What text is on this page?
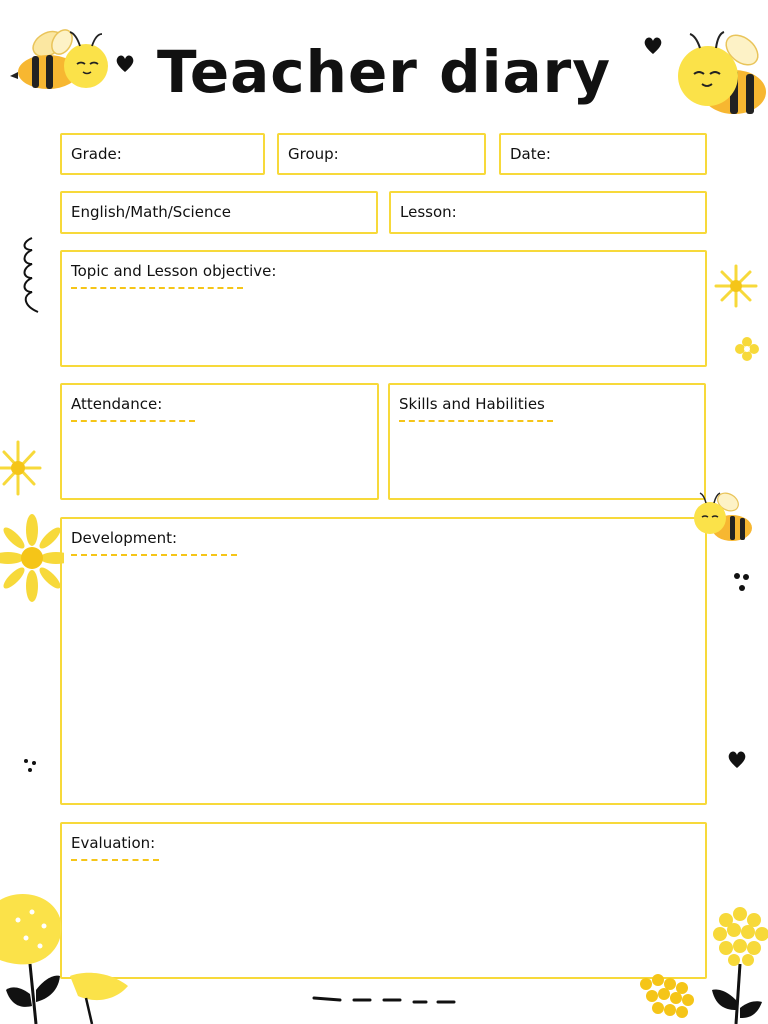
Teacher diary
Grade:	Group:	Date:
English/Math/Science	Lesson:
Topic and Lesson objective:
Attendance:	Skills and Habilities
Development:
Evaluation:
